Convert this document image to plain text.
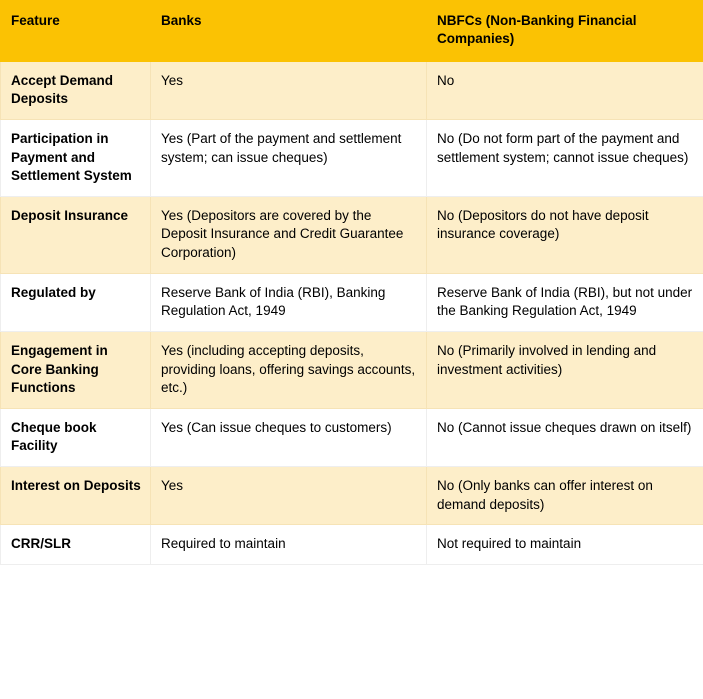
Feature	Banks	NBFCs (Non-Banking Financial Companies)
Accept Demand Deposits	Yes	No
Participation in Payment and Settlement System	Yes (Part of the payment and settlement system; can issue cheques)	No (Do not form part of the payment and settlement system; cannot issue cheques)
Deposit Insurance	Yes (Depositors are covered by the Deposit Insurance and Credit Guarantee Corporation)	No (Depositors do not have deposit insurance coverage)
Regulated by	Reserve Bank of India (RBI), Banking Regulation Act, 1949	Reserve Bank of India (RBI), but not under the Banking Regulation Act, 1949
Engagement in Core Banking Functions	Yes (including accepting deposits, providing loans, offering savings accounts, etc.)	No (Primarily involved in lending and investment activities)
Cheque book Facility	Yes (Can issue cheques to customers)	No (Cannot issue cheques drawn on itself)
Interest on Deposits	Yes	No (Only banks can offer interest on demand deposits)
CRR/SLR	Required to maintain	Not required to maintain
